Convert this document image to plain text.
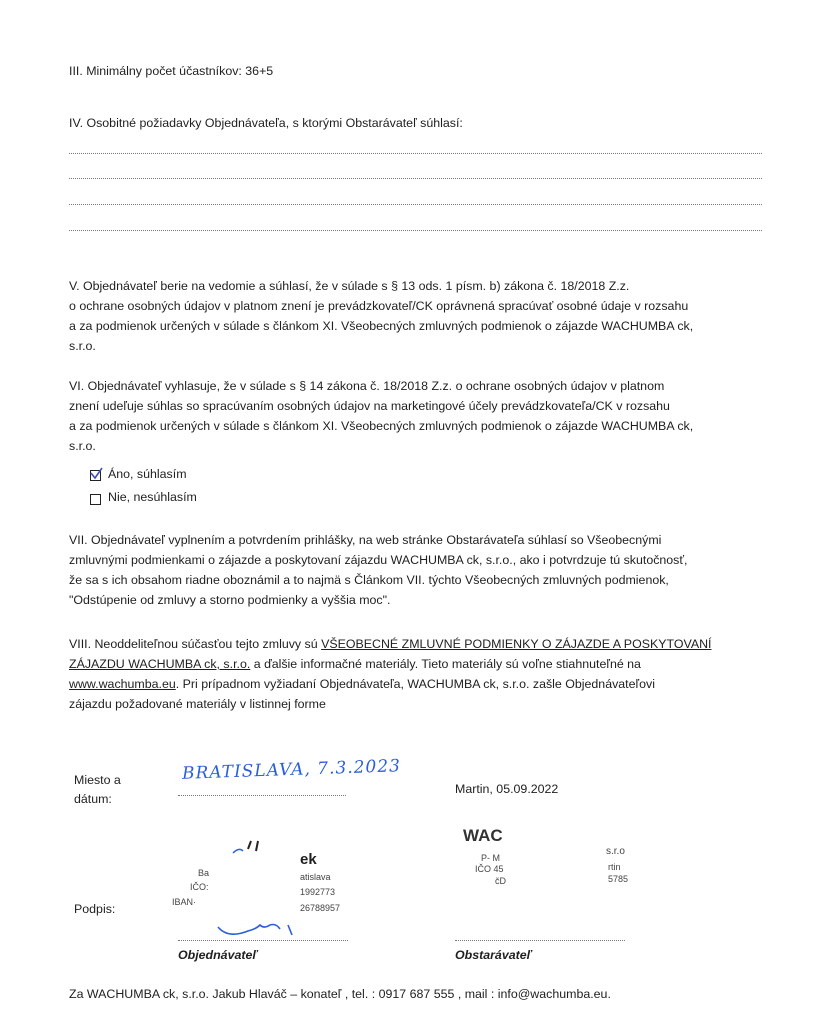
III. Minimálny počet účastníkov: 36+5
IV. Osobitné požiadavky Objednávateľa, s ktorými Obstarávateľ súhlasí:
V. Objednávateľ berie na vedomie a súhlasí, že v súlade s § 13 ods. 1 písm. b) zákona č. 18/2018 Z.z.
o ochrane osobných údajov v platnom znení je prevádzkovateľ/CK oprávnená spracúvať osobné údaje v rozsahu
a za podmienok určených v súlade s článkom XI. Všeobecných zmluvných podmienok o zájazde WACHUMBA ck,
s.r.o.
VI. Objednávateľ vyhlasuje, že v súlade s § 14 zákona č. 18/2018 Z.z. o ochrane osobných údajov v platnom
znení udeľuje súhlas so spracúvaním osobných údajov na marketingové účely prevádzkovateľa/CK v rozsahu
a za podmienok určených v súlade s článkom XI. Všeobecných zmluvných podmienok o zájazde WACHUMBA ck,
s.r.o.
Áno, súhlasím
Nie, nesúhlasím
VII. Objednávateľ vyplnením a potvrdením prihlášky, na web stránke Obstarávateľa súhlasí so Všeobecnými
zmluvnými podmienkami o zájazde a poskytovaní zájazdu WACHUMBA ck, s.r.o., ako i potvrdzuje tú skutočnosť,
že sa s ich obsahom riadne oboznámil a to najmä s Článkom VII. týchto Všeobecných zmluvných podmienok,
"Odstúpenie od zmluvy a storno podmienky a vyššia moc".
VIII. Neoddeliteľnou súčasťou tejto zmluvy sú VŠEOBECNÉ ZMLUVNÉ PODMIENKY O ZÁJAZDE A POSKYTOVANÍ
ZÁJAZDU WACHUMBA ck, s.r.o. a ďalšie informačné materiály. Tieto materiály sú voľne stiahnuteľné na
www.wachumba.eu. Pri prípadnom vyžiadaní Objednávateľa, WACHUMBA ck, s.r.o. zašle Objednávateľovi
zájazdu požadované materiály v listinnej forme
Miesto a
dátum:
BRATISLAVA, 7.3.2023
Martin, 05.09.2022
Podpis:
ek
Ba	atislava
IČO:	1992773
IBAN·
26788957
Objednávateľ
WAC
P- M
IČO 45
čD
s.r.o
rtin
5785
Obstarávateľ
Za WACHUMBA ck, s.r.o. Jakub Hlaváč – konateľ , tel. : 0917 687 555 , mail : info@wachumba.eu.
